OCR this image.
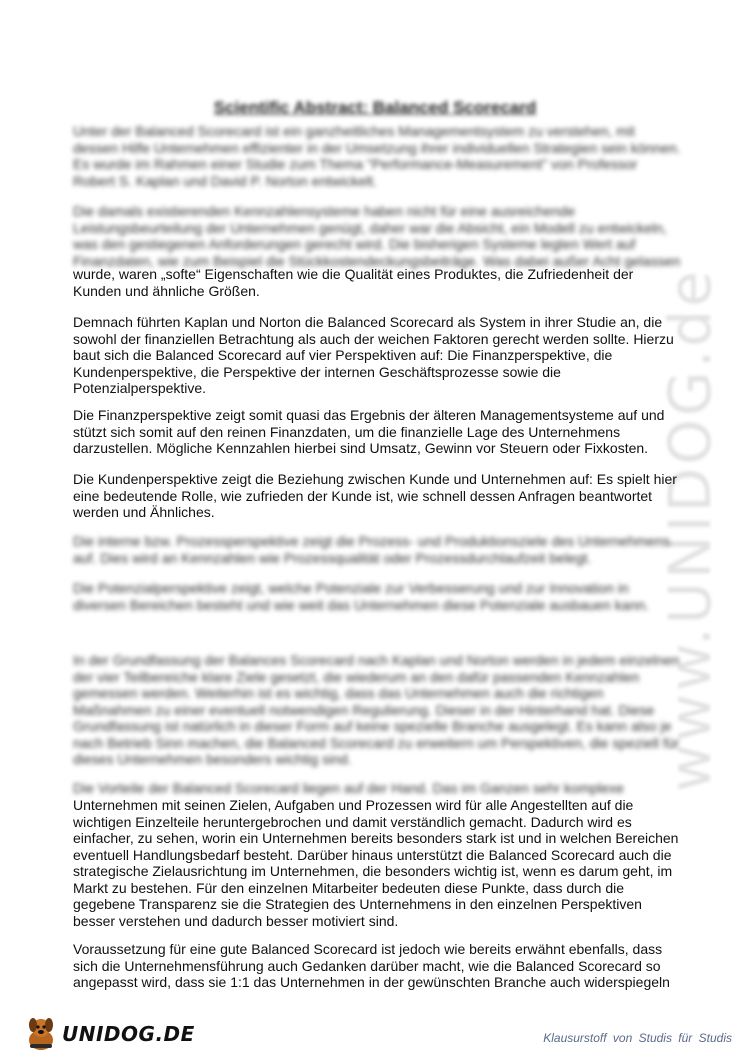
www.UNIDOG.de
Scientific Abstract: Balanced Scorecard

Unter der Balanced Scorecard ist ein ganzheitliches Managementsystem zu verstehen, mit dessen Hilfe Unternehmen effizienter in der Umsetzung ihrer individuellen Strategien sein können. Es wurde im Rahmen einer Studie zum Thema "Performance-Measurement" von Professor Robert S. Kaplan und David P. Norton entwickelt.

Die damals existierenden Kennzahlensysteme haben nicht für eine ausreichende Leistungsbeurteilung der Unternehmen genügt, daher war die Absicht, ein Modell zu entwickeln, was den gestiegenen Anforderungen gerecht wird. Die bisherigen Systeme legten Wert auf Finanzdaten, wie zum Beispiel die Stückkostendeckungsbeiträge. Was dabei außer Acht gelassen

wurde, waren „softe“ Eigenschaften wie die Qualität eines Produktes, die Zufriedenheit der Kunden und ähnliche Größen.

Demnach führten Kaplan und Norton die Balanced Scorecard als System in ihrer Studie an, die sowohl der finanziellen Betrachtung als auch der weichen Faktoren gerecht werden sollte. Hierzu baut sich die Balanced Scorecard auf vier Perspektiven auf: Die Finanzperspektive, die Kundenperspektive, die Perspektive der internen Geschäftsprozesse sowie die Potenzialperspektive.

Die Finanzperspektive zeigt somit quasi das Ergebnis der älteren Managementsysteme auf und stützt sich somit auf den reinen Finanzdaten, um die finanzielle Lage des Unternehmens darzustellen. Mögliche Kennzahlen hierbei sind Umsatz, Gewinn vor Steuern oder Fixkosten.

Die Kundenperspektive zeigt die Beziehung zwischen Kunde und Unternehmen auf: Es spielt hier eine bedeutende Rolle, wie zufrieden der Kunde ist, wie schnell dessen Anfragen beantwortet werden und Ähnliches.

Die interne bzw. Prozessperspektive zeigt die Prozess- und Produktionsziele des Unternehmens auf. Dies wird an Kennzahlen wie Prozessqualität oder Prozessdurchlaufzeit belegt.

Die Potenzialperspektive zeigt, welche Potenziale zur Verbesserung und zur Innovation in diversen Bereichen besteht und wie weit das Unternehmen diese Potenziale ausbauen kann.

In der Grundfassung der Balances Scorecard nach Kaplan und Norton werden in jedem einzelnen der vier Teilbereiche klare Ziele gesetzt, die wiederum an den dafür passenden Kennzahlen gemessen werden. Weiterhin ist es wichtig, dass das Unternehmen auch die richtigen Maßnahmen zu einer eventuell notwendigen Regulierung. Dieser in der Hinterhand hat. Diese Grundfassung ist natürlich in dieser Form auf keine spezielle Branche ausgelegt. Es kann also je nach Betrieb Sinn machen, die Balanced Scorecard zu erweitern um Perspektiven, die speziell für dieses Unternehmen besonders wichtig sind.

Die Vorteile der Balanced Scorecard liegen auf der Hand. Das im Ganzen sehr komplexe

Unternehmen mit seinen Zielen, Aufgaben und Prozessen wird für alle Angestellten auf die wichtigen Einzelteile heruntergebrochen und damit verständlich gemacht. Dadurch wird es einfacher, zu sehen, worin ein Unternehmen bereits besonders stark ist und in welchen Bereichen eventuell Handlungsbedarf besteht. Darüber hinaus unterstützt die Balanced Scorecard auch die strategische Zielausrichtung im Unternehmen, die besonders wichtig ist, wenn es darum geht, im Markt zu bestehen. Für den einzelnen Mitarbeiter bedeuten diese Punkte, dass durch die gegebene Transparenz sie die Strategien des Unternehmens in den einzelnen Perspektiven besser verstehen und dadurch besser motiviert sind.

Voraussetzung für eine gute Balanced Scorecard ist jedoch wie bereits erwähnt ebenfalls, dass sich die Unternehmensführung auch Gedanken darüber macht, wie die Balanced Scorecard so angepasst wird, dass sie 1:1 das Unternehmen in der gewünschten Branche auch widerspiegeln

UNIDOG.DE	Klausurstoff von Studis für Studis
